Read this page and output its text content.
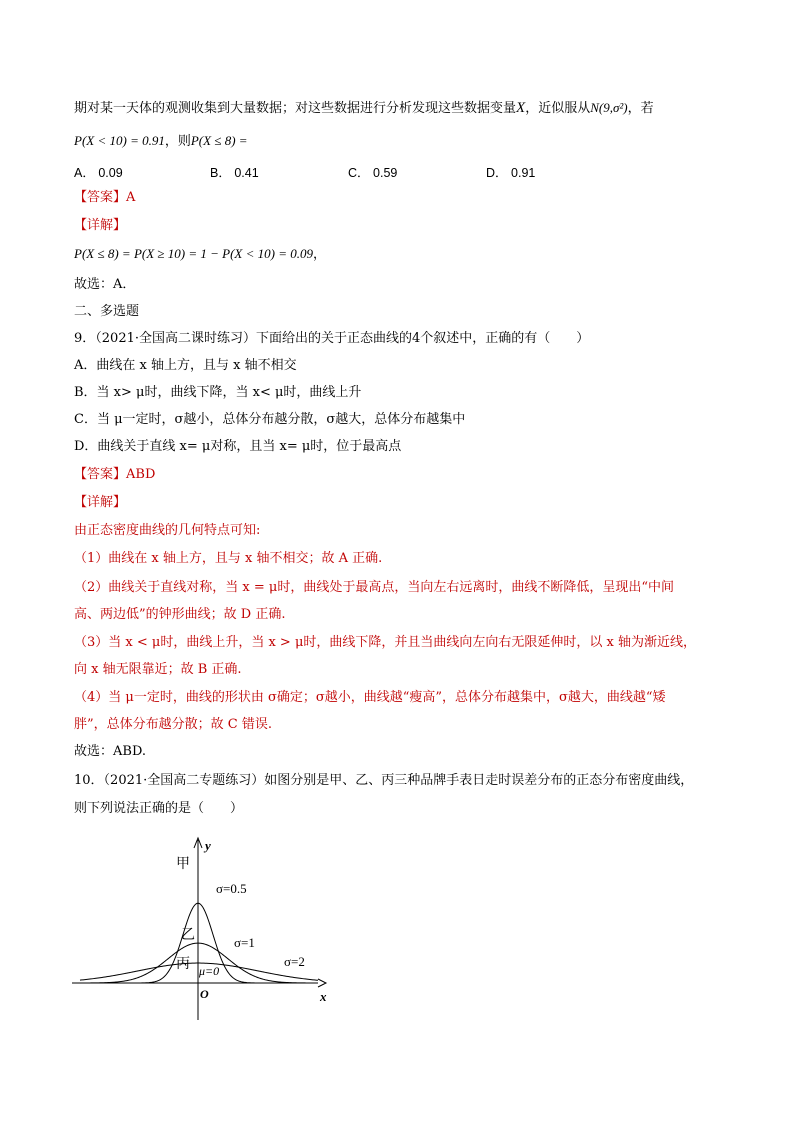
期对某一天体的观测收集到大量数据；对这些数据进行分析发现这些数据变量X，近似服从N(9,σ²)，若
P(X < 10) = 0.91，则P(X ≤ 8) =
A． 0.09	B． 0.41	C． 0.59	D． 0.91
【答案】A
【详解】
P(X ≤ 8) = P(X ≥ 10) = 1 − P(X < 10) = 0.09，
故选：A．
二、多选题
9．（2021·全国高二课时练习）下面给出的关于正态曲线的4个叙述中，正确的有（　　）
A．曲线在 x 轴上方，且与 x 轴不相交
B．当 x> μ时，曲线下降，当 x< μ时，曲线上升
C．当 μ一定时，σ越小，总体分布越分散，σ越大，总体分布越集中
D．曲线关于直线 x= μ对称，且当 x= μ时，位于最高点
【答案】ABD
【详解】
由正态密度曲线的几何特点可知:
（1）曲线在 x 轴上方，且与 x 轴不相交；故 A 正确.
（2）曲线关于直线对称，当 x = μ时，曲线处于最高点，当向左右远离时，曲线不断降低，呈现出“中间
高、两边低”的钟形曲线；故 D 正确.
（3）当 x < μ时，曲线上升，当 x > μ时，曲线下降，并且当曲线向左向右无限延伸时，以 x 轴为渐近线，
向 x 轴无限靠近；故 B 正确.
（4）当 μ一定时，曲线的形状由 σ确定；σ越小，曲线越“瘦高”，总体分布越集中，σ越大，曲线越“矮
胖”，总体分布越分散；故 C 错误.
故选：ABD.
10．（2021·全国高二专题练习）如图分别是甲、乙、丙三种品牌手表日走时误差分布的正态分布密度曲线，
则下列说法正确的是（　　）
y
x
O
μ=0
甲
σ=0.5
乙	σ=1
丙	σ=2
